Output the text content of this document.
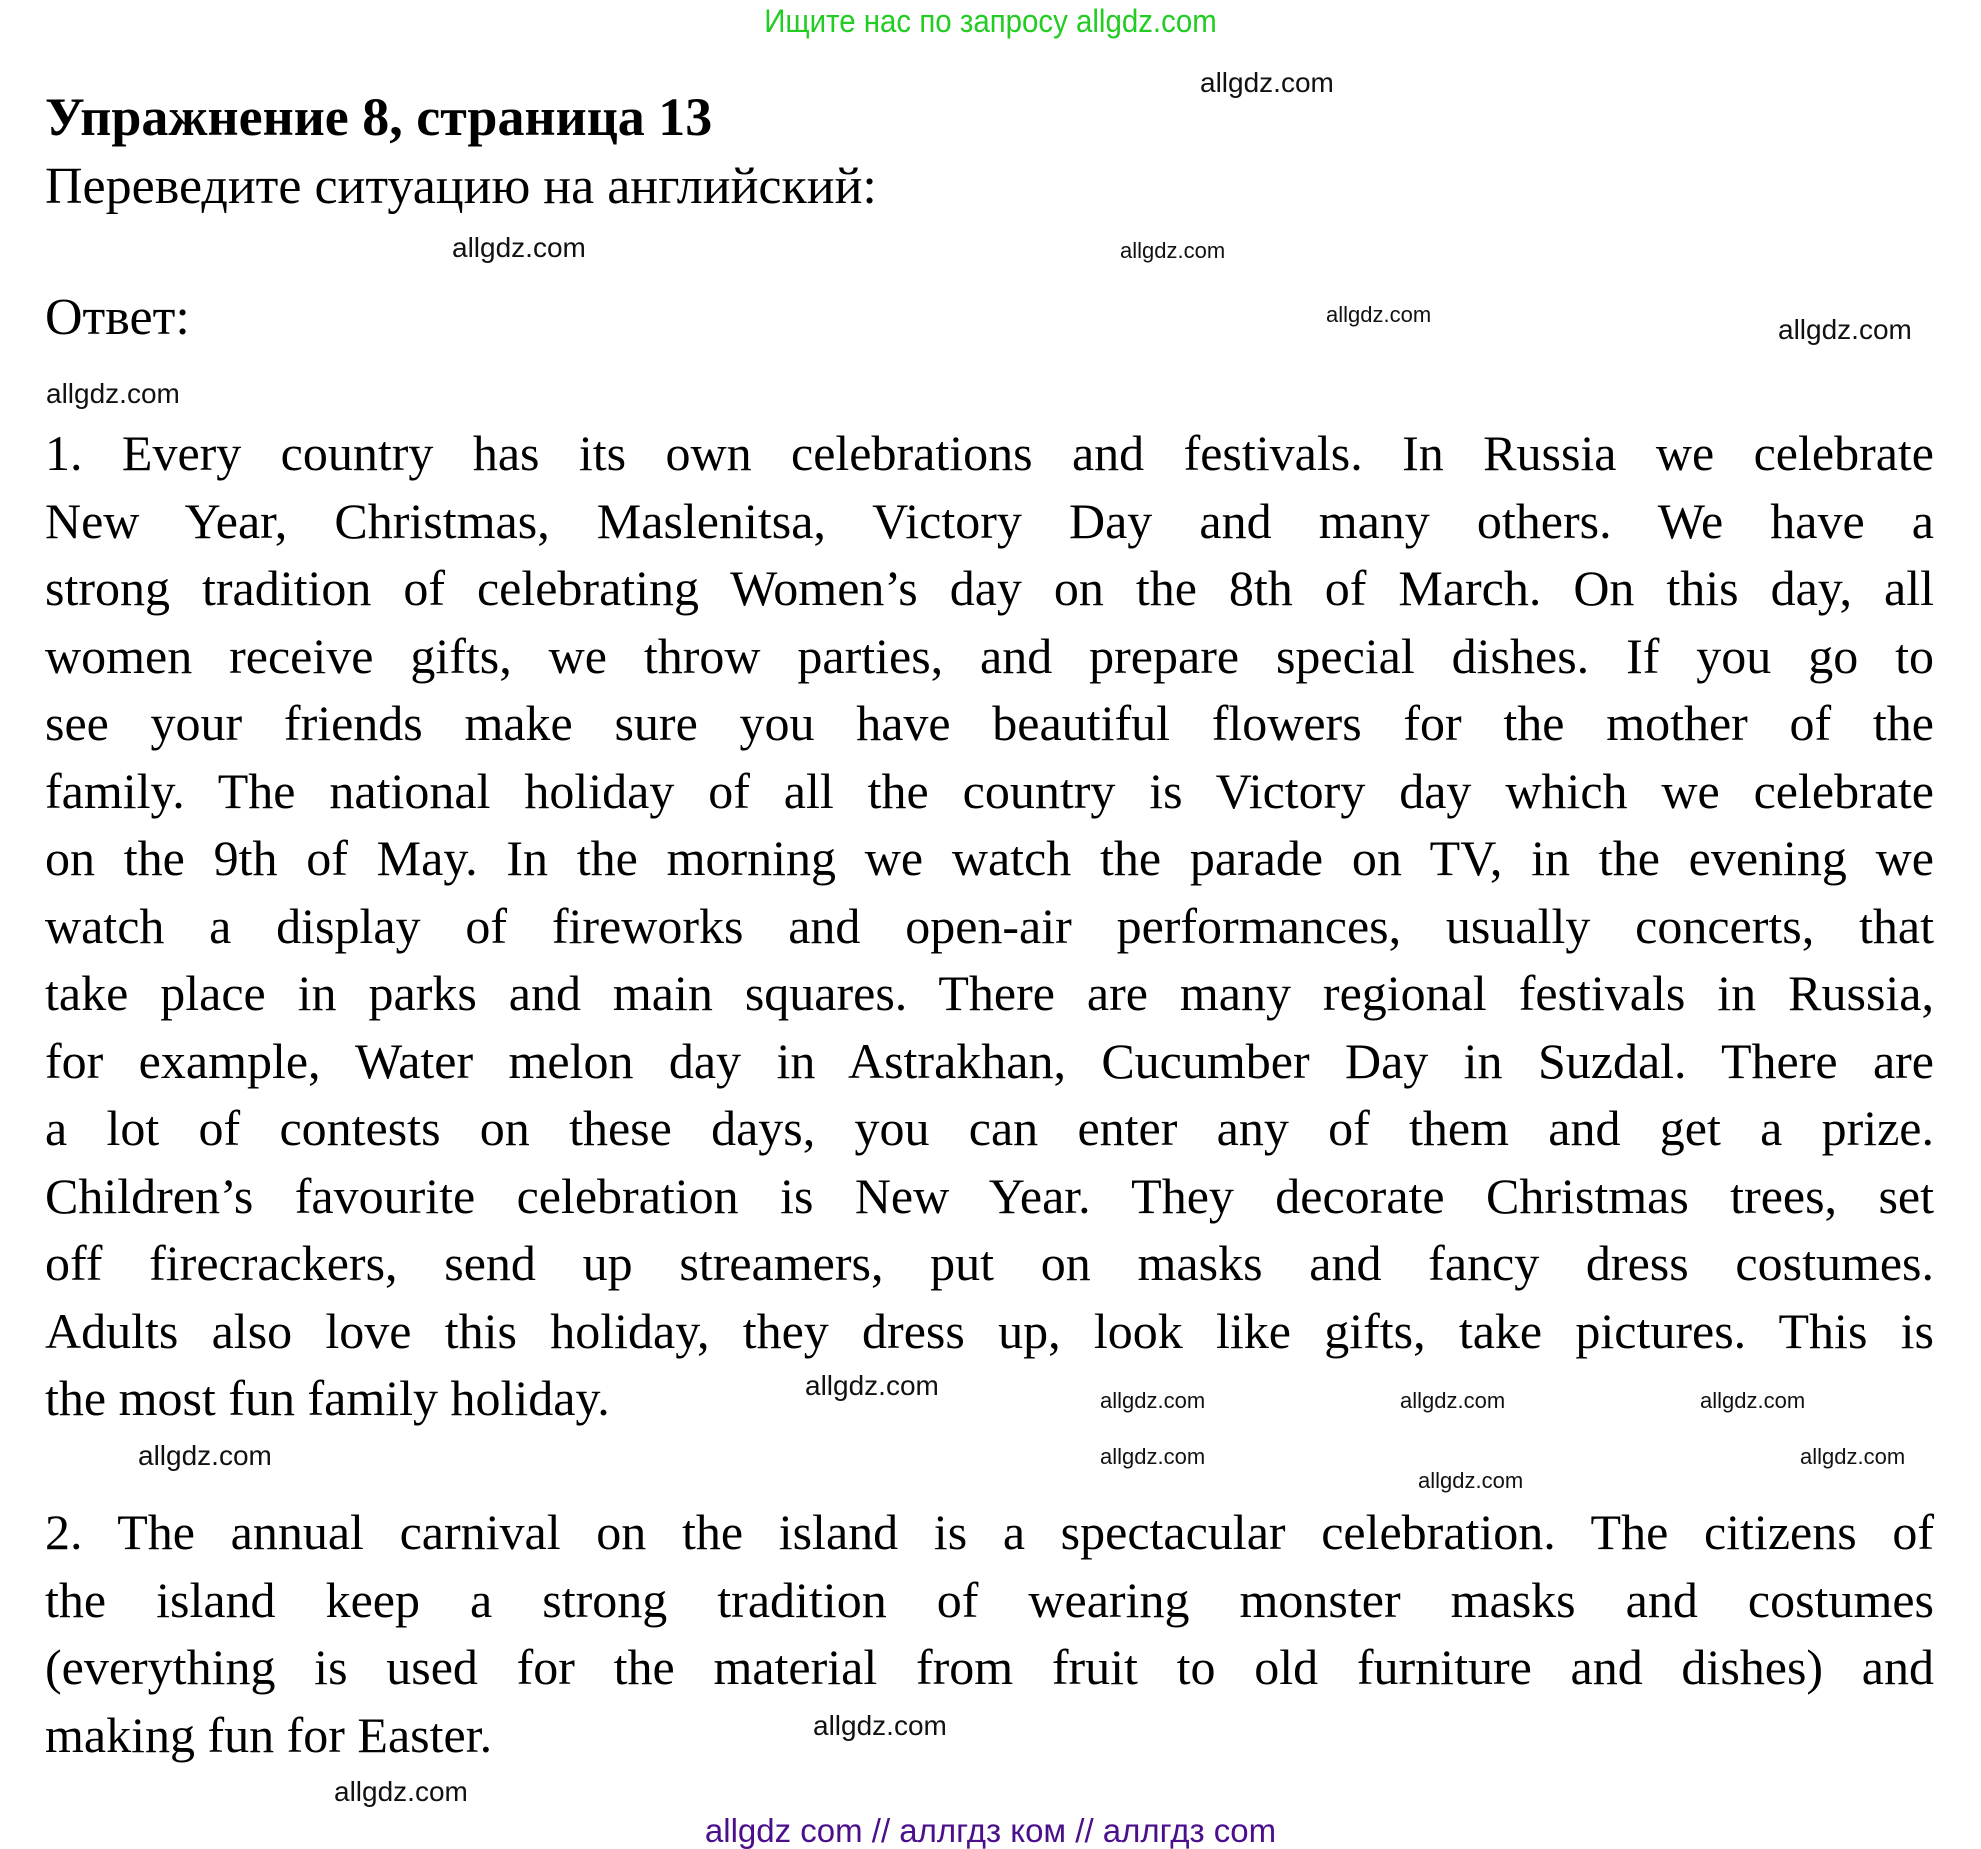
Ищите нас по запросу allgdz.com
Упражнение 8, страница 13
Переведите ситуацию на английский:
Ответ:
1. Every country has its own celebrations and festivals. In Russia we celebrate
New Year, Christmas, Maslenitsa, Victory Day and many others. We have a
strong tradition of celebrating Women’s day on the 8th of March. On this day, all
women receive gifts, we throw parties, and prepare special dishes. If you go to
see your friends make sure you have beautiful flowers for the mother of the
family. The national holiday of all the country is Victory day which we celebrate
on the 9th of May. In the morning we watch the parade on TV, in the evening we
watch a display of fireworks and open-air performances, usually concerts, that
take place in parks and main squares. There are many regional festivals in Russia,
for example, Water melon day in Astrakhan, Cucumber Day in Suzdal. There are
a lot of contests on these days, you can enter any of them and get a prize.
Children’s favourite celebration is New Year. They decorate Christmas trees, set
off firecrackers, send up streamers, put on masks and fancy dress costumes.
Adults also love this holiday, they dress up, look like gifts, take pictures. This is
the most fun family holiday.
2. The annual carnival on the island is a spectacular celebration. The citizens of
the island keep a strong tradition of wearing monster masks and costumes
(everything is used for the material from fruit to old furniture and dishes) and
making fun for Easter.
allgdz.com
allgdz.com
allgdz.com
allgdz.com
allgdz.com
allgdz.com
allgdz.com
allgdz.com	allgdz.com	allgdz.com
allgdz.com
allgdz.com
allgdz.com
allgdz.com
allgdz.com
allgdz.com
allgdz com // аллгдз ком // аллгдз com
